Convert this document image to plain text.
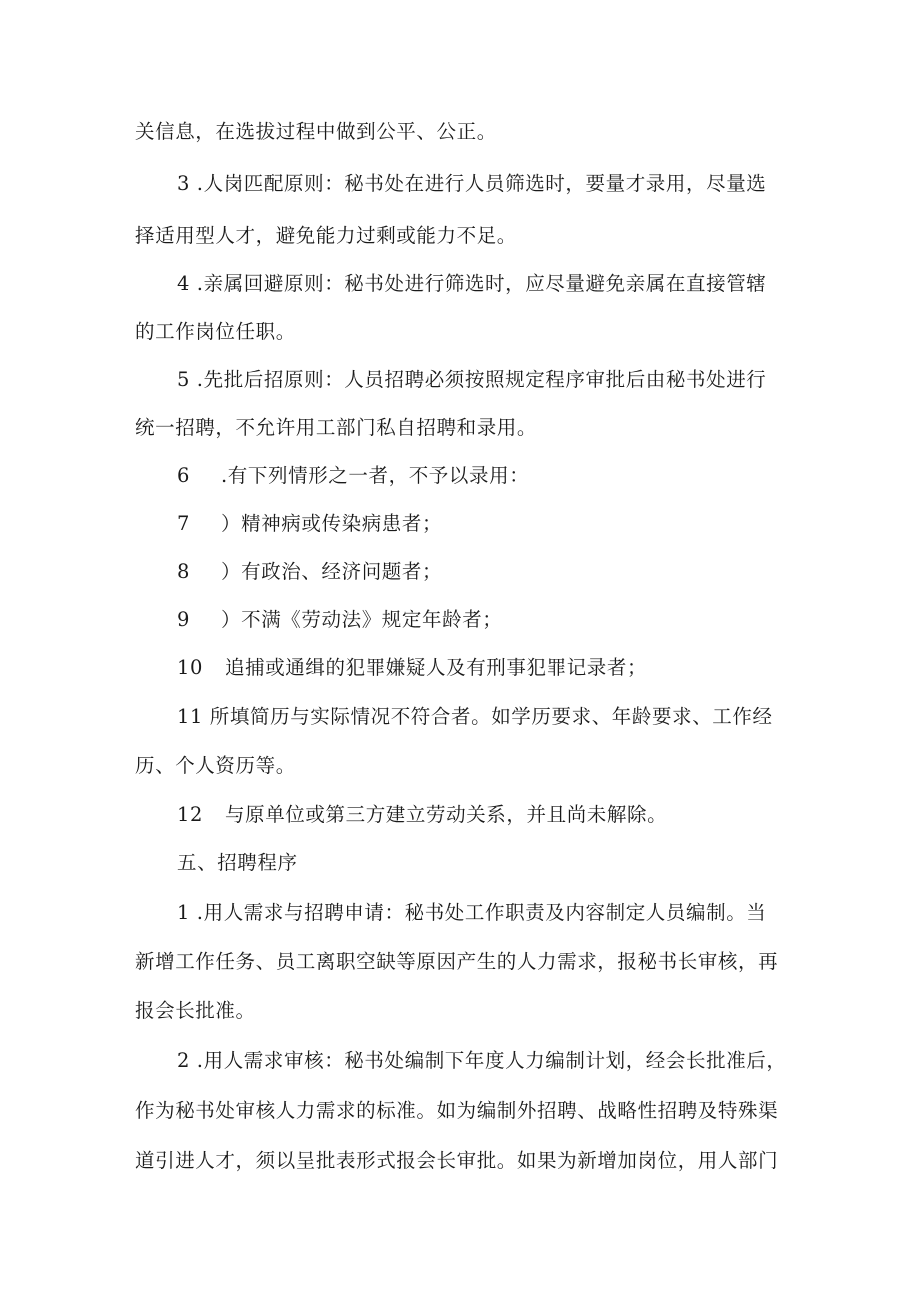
关信息，在选拔过程中做到公平、公正。
3 .人岗匹配原则：秘书处在进行人员筛选时，要量才录用，尽量选
择适用型人才，避免能力过剩或能力不足。
4 .亲属回避原则：秘书处进行筛选时，应尽量避免亲属在直接管辖
的工作岗位任职。
5 .先批后招原则：人员招聘必须按照规定程序审批后由秘书处进行
统一招聘，不允许用工部门私自招聘和录用。
6 .有下列情形之一者，不予以录用：
7 ）精神病或传染病患者；
8 ）有政治、经济问题者；
9 ）不满《劳动法》规定年龄者；
10 追捕或通缉的犯罪嫌疑人及有刑事犯罪记录者；
11 所填简历与实际情况不符合者。如学历要求、年龄要求、工作经
历、个人资历等。
12 与原单位或第三方建立劳动关系，并且尚未解除。
五、招聘程序
1 .用人需求与招聘申请：秘书处工作职责及内容制定人员编制。当
新增工作任务、员工离职空缺等原因产生的人力需求，报秘书长审核，再
报会长批准。
2 .用人需求审核：秘书处编制下年度人力编制计划，经会长批准后，
作为秘书处审核人力需求的标准。如为编制外招聘、战略性招聘及特殊渠
道引进人才，须以呈批表形式报会长审批。如果为新增加岗位，用人部门
